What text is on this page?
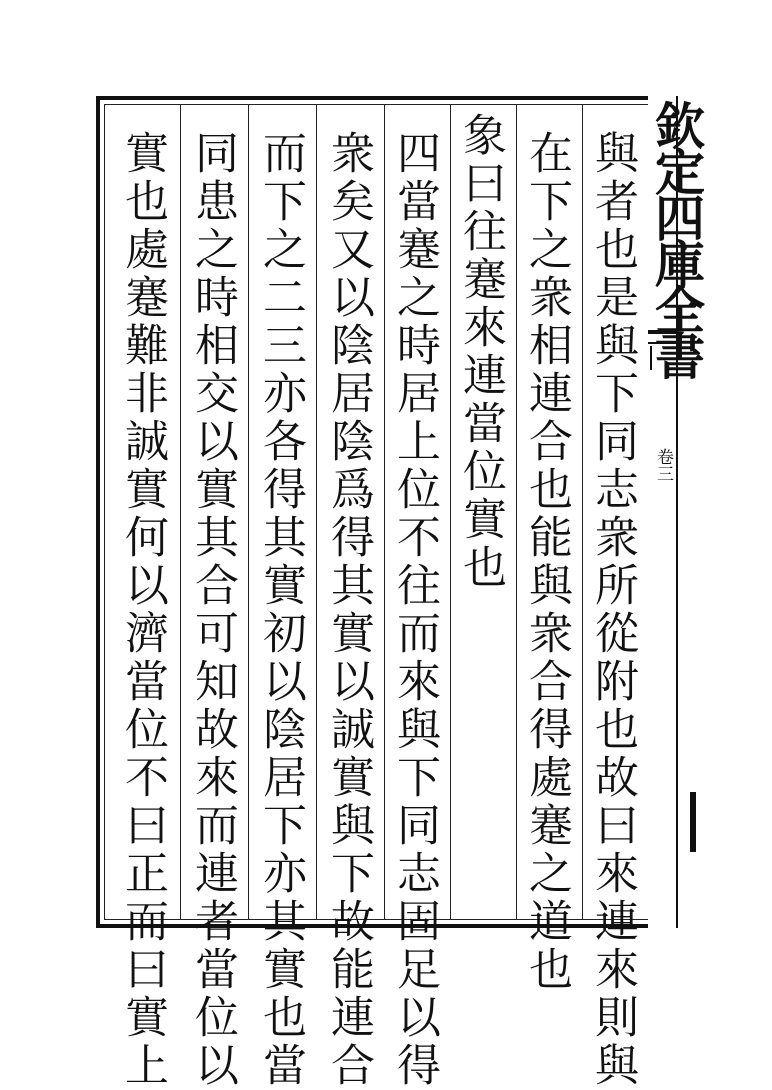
與者也是與下同志衆所從附也故曰來連來則與
在下之衆相連合也能與衆合得處蹇之道也
象曰往蹇來連當位實也
四當蹇之時居上位不往而來與下同志固足以得
衆矣又以陰居陰爲得其實以誠實與下故能連合
而下之二三亦各得其實初以陰居下亦其實也當
同患之時相交以實其合可知故來而連者當位以
實也處蹇難非誠實何以濟當位不曰正而曰實上	欽定四庫全書
卷三
